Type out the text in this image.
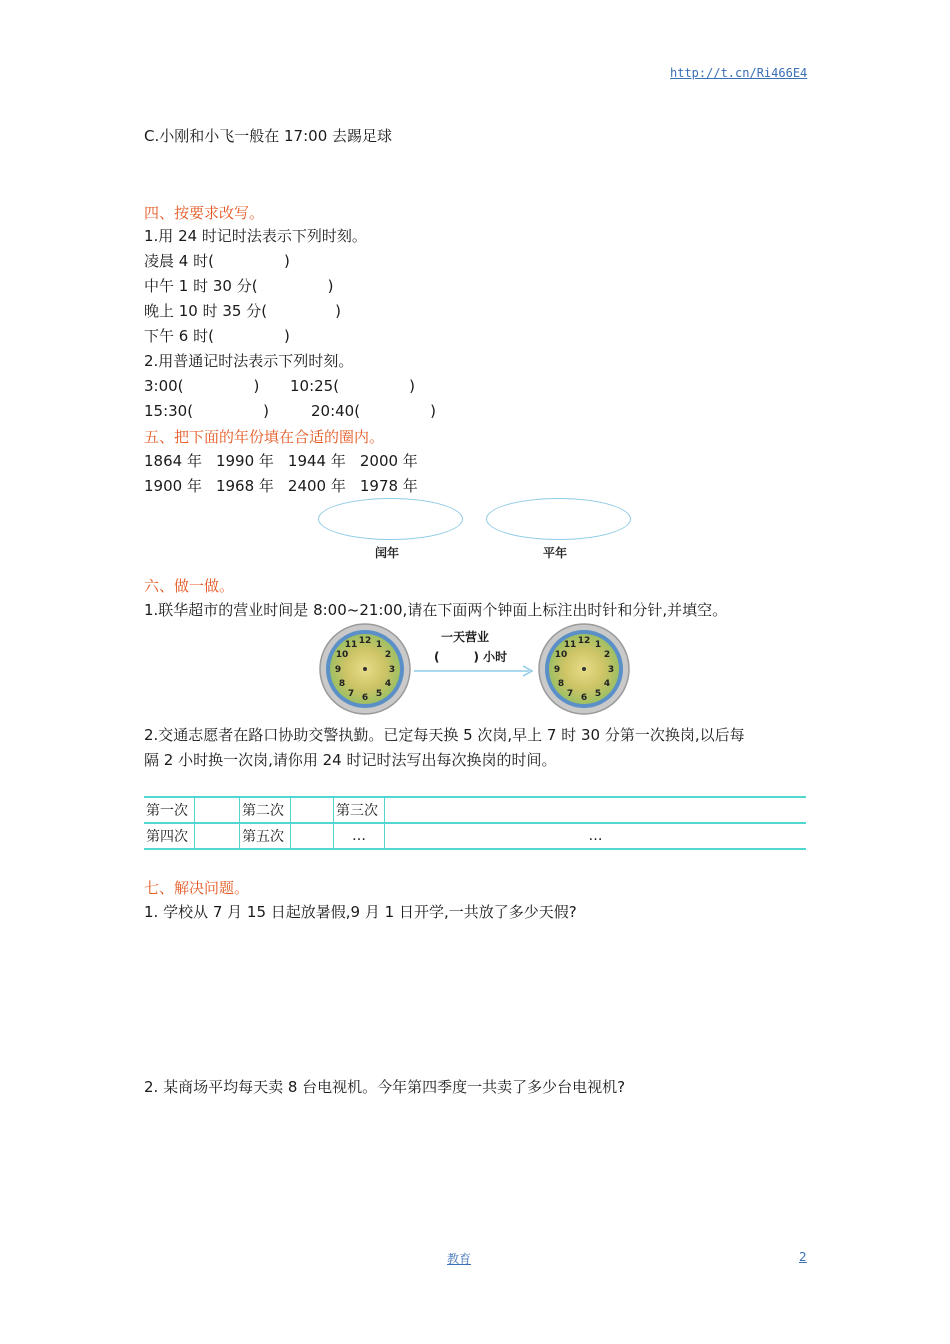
http://t.cn/Ri466E4
C.小刚和小飞一般在 17:00 去踢足球
四、按要求改写。
1.用 24 时记时法表示下列时刻。
凌晨 4 时(	)
中午 1 时 30 分(	)
晚上 10 时 35 分(	)
下午 6 时(	)
2.用普通记时法表示下列时刻。
3:00(	) 10:25(	)
15:30(	)	20:40(	)
五、把下面的年份填在合适的圈内。
1864 年 1990 年 1944 年 2000 年
1900 年 1968 年 2400 年 1978 年
闰年	平年
六、做一做。
1.联华超市的营业时间是 8:00~21:00,请在下面两个钟面上标注出时针和分针,并填空。
12 1
2
3
4
5
6
7
8
9
10
11
一天营业
(	) 小时
12 1
2
3
4
5
6
7
8
9
10
11
2.交通志愿者在路口协助交警执勤。已定每天换 5 次岗,早上 7 时 30 分第一次换岗,以后每
隔 2 小时换一次岗,请你用 24 时记时法写出每次换岗的时间。
第一次		第二次		第三次	
第四次		第五次		…	…
七、解决问题。
1. 学校从 7 月 15 日起放暑假,9 月 1 日开学,一共放了多少天假?
2. 某商场平均每天卖 8 台电视机。今年第四季度一共卖了多少台电视机?
教育	2
